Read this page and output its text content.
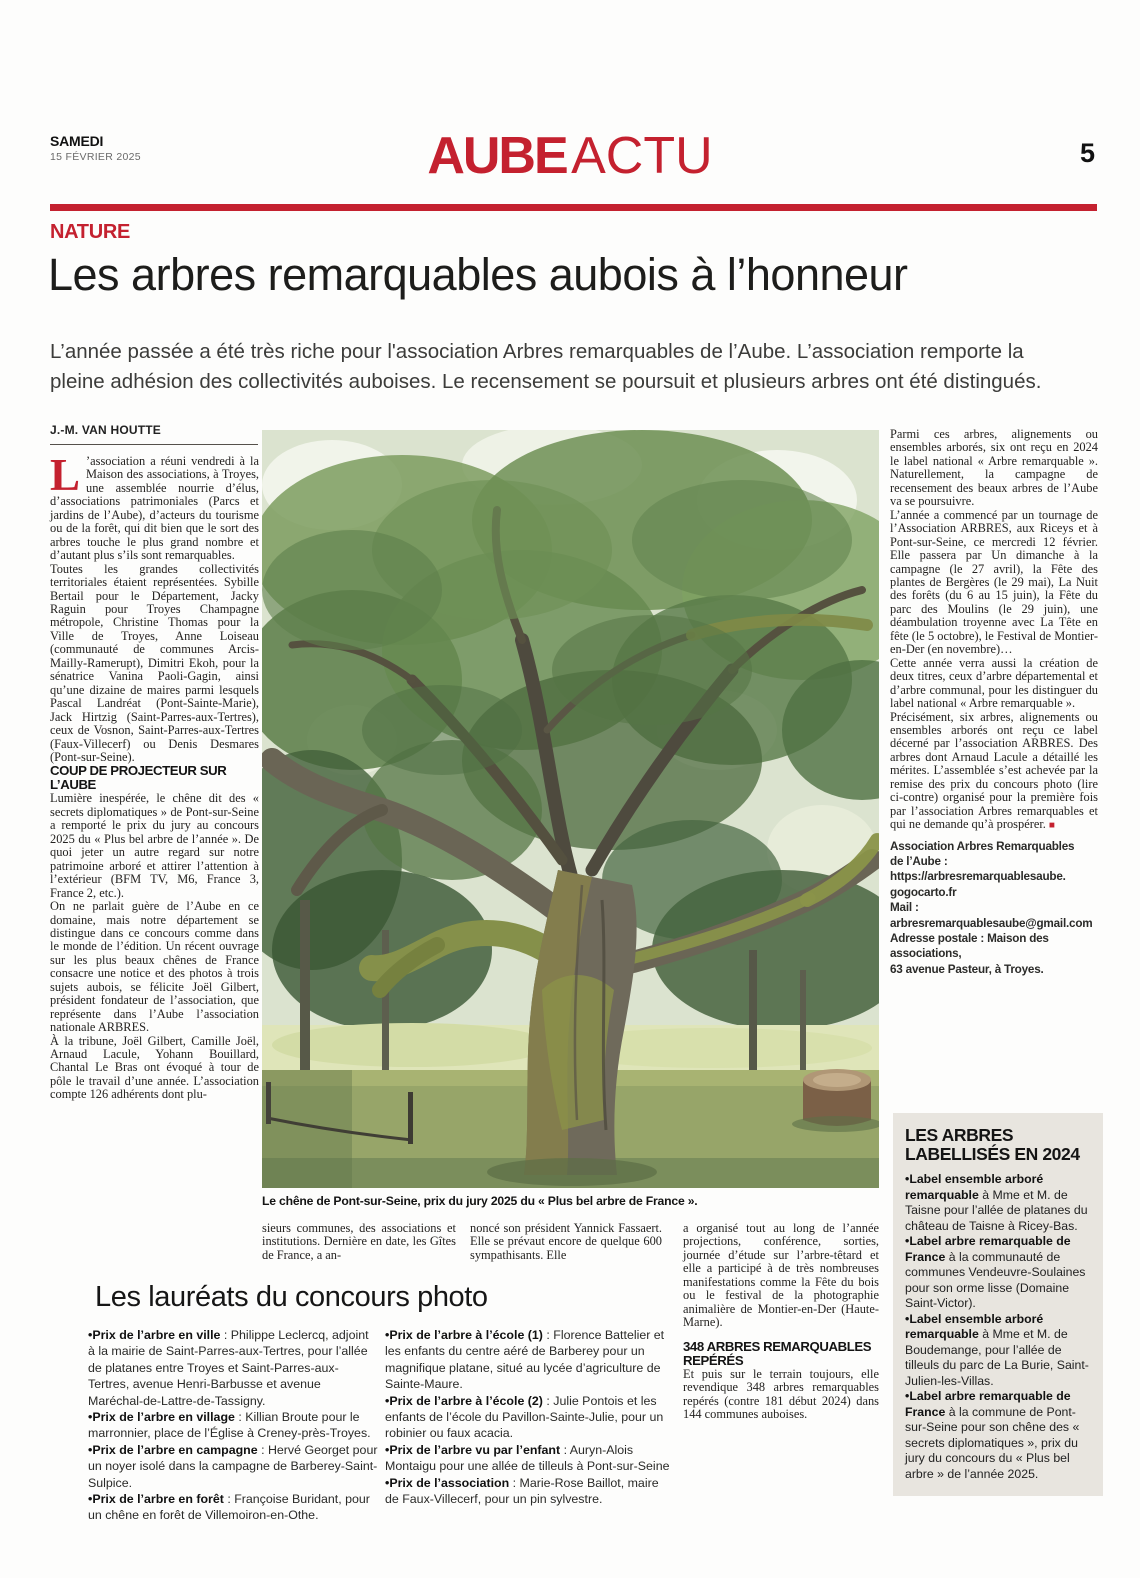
SAMEDI
15 FÉVRIER 2025	AUBE ACTU	5
NATURE
Les arbres remarquables aubois à l’honneur
L’année passée a été très riche pour l'association Arbres remarquables de l’Aube. L’association remporte la pleine adhésion des collectivités auboises. Le recensement se poursuit et plusieurs arbres ont été distingués.
J.-M. VAN HOUTTE

L ’association a réuni vendredi à la Maison des associations, à Troyes, une assemblée nourrie d’élus, d’associations patrimoniales (Parcs et jardins de l’Aube), d’acteurs du tourisme ou de la forêt, qui dit bien que le sort des arbres touche le plus grand nombre et d’autant plus s’ils sont remarquables.

Toutes les grandes collectivités territoriales étaient représentées. Sybille Bertail pour le Département, Jacky Raguin pour Troyes Champagne métropole, Christine Thomas pour la Ville de Troyes, Anne Loiseau (communauté de communes Arcis-Mailly-Ramerupt), Dimitri Ekoh, pour la sénatrice Vanina Paoli-Gagin, ainsi qu’une dizaine de maires parmi lesquels Pascal Landréat (Pont-Sainte-Marie), Jack Hirtzig (Saint-Parres-aux-Tertres), ceux de Vosnon, Saint-Parres-aux-Tertres (Faux-Villecerf) ou Denis Desmares (Pont-sur-Seine).

COUP DE PROJECTEUR SUR L’AUBE

Lumière inespérée, le chêne dit des « secrets diplomatiques » de Pont-sur-Seine a remporté le prix du jury au concours 2025 du « Plus bel arbre de l’année ». De quoi jeter un autre regard sur notre patrimoine arboré et attirer l’attention à l’extérieur (BFM TV, M6, France 3, France 2, etc.).

On ne parlait guère de l’Aube en ce domaine, mais notre département se distingue dans ce concours comme dans le monde de l’édition. Un récent ouvrage sur les plus beaux chênes de France consacre une notice et des photos à trois sujets aubois, se félicite Joël Gilbert, président fondateur de l’association, que représente dans l’Aube l’association nationale ARBRES.

À la tribune, Joël Gilbert, Camille Joël, Arnaud Lacule, Yohann Bouillard, Chantal Le Bras ont évoqué à tour de pôle le travail d’une année. L’association compte 126 adhérents dont plu-

Le chêne de Pont-sur-Seine, prix du jury 2025 du « Plus bel arbre de France ».

sieurs communes, des associations et institutions. Dernière en date, les Gîtes de France, a an-

noncé son président Yannick Fassaert. Elle se prévaut encore de quelque 600 sympathisants. Elle

a organisé tout au long de l’année projections, conférence, sorties, journée d’étude sur l’arbre-têtard et elle a participé à de très nombreuses manifestations comme la Fête du bois ou le festival de la photographie animalière de Montier-en-Der (Haute-Marne).

348 ARBRES REMARQUABLES REPÉRÉS

Et puis sur le terrain toujours, elle revendique 348 arbres remarquables repérés (contre 181 début 2024) dans 144 communes auboises.

Parmi ces arbres, alignements ou ensembles arborés, six ont reçu en 2024 le label national « Arbre remarquable ». Naturellement, la campagne de recensement des beaux arbres de l’Aube va se poursuivre.

L’année a commencé par un tournage de l’Association ARBRES, aux Riceys et à Pont-sur-Seine, ce mercredi 12 février. Elle passera par Un dimanche à la campagne (le 27 avril), la Fête des plantes de Bergères (le 29 mai), La Nuit des forêts (du 6 au 15 juin), la Fête du parc des Moulins (le 29 juin), une déambulation troyenne avec La Tête en fête (le 5 octobre), le Festival de Montier-en-Der (en novembre)…

Cette année verra aussi la création de deux titres, ceux d’arbre départemental et d’arbre communal, pour les distinguer du label national « Arbre remarquable ».

Précisément, six arbres, alignements ou ensembles arborés ont reçu ce label décerné par l’association ARBRES. Des arbres dont Arnaud Lacule a détaillé les mérites. L’assemblée s’est achevée par la remise des prix du concours photo (lire ci-contre) organisé pour la première fois par l’association Arbres remarquables et qui ne demande qu’à prospérer. ■

Association Arbres Remarquables
de l’Aube :
https://arbresremarquablesaube.
gogocarto.fr
Mail : arbresremarquablesaube@gmail.com
Adresse postale : Maison des associations,
63 avenue Pasteur, à Troyes.
Les lauréats du concours photo

•Prix de l’arbre en ville : Philippe Leclercq, adjoint à la mairie de Saint-Parres-aux-Tertres, pour l’allée de platanes entre Troyes et Saint-Parres-aux-Tertres, avenue Henri-Barbusse et avenue Maréchal-de-Lattre-de-Tassigny.

•Prix de l’arbre en village : Killian Broute pour le marronnier, place de l’Église à Creney-près-Troyes.

•Prix de l’arbre en campagne : Hervé Georget pour un noyer isolé dans la campagne de Barberey-Saint-Sulpice.

•Prix de l’arbre en forêt : Françoise Buridant, pour un chêne en forêt de Villemoiron-en-Othe.

•Prix de l’arbre à l’école (1) : Florence Battelier et les enfants du centre aéré de Barberey pour un magnifique platane, situé au lycée d’agriculture de Sainte-Maure.

•Prix de l’arbre à l’école (2) : Julie Pontois et les enfants de l’école du Pavillon-Sainte-Julie, pour un robinier ou faux acacia.

•Prix de l’arbre vu par l’enfant : Auryn-Alois Montaigu pour une allée de tilleuls à Pont-sur-Seine

•Prix de l’association : Marie-Rose Baillot, maire de Faux-Villecerf, pour un pin sylvestre.

LES ARBRES LABELLISÉS EN 2024

•Label ensemble arboré remarquable à Mme et M. de Taisne pour l’allée de platanes du château de Taisne à Ricey-Bas.

•Label arbre remarquable de France à la communauté de communes Vendeuvre-Soulaines pour son orme lisse (Domaine Saint-Victor).

•Label ensemble arboré remarquable à Mme et M. de Boudemange, pour l’allée de tilleuls du parc de La Burie, Saint-Julien-les-Villas.

•Label arbre remarquable de France à la commune de Pont-sur-Seine pour son chêne des « secrets diplomatiques », prix du jury du concours du « Plus bel arbre » de l’année 2025.
